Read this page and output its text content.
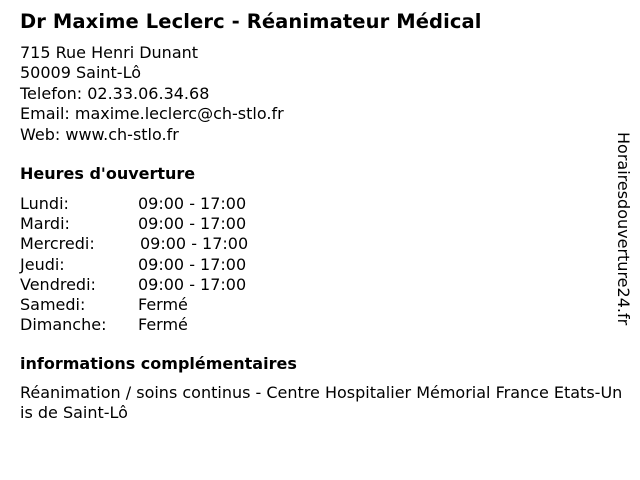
Dr Maxime Leclerc - Réanimateur Médical
715 Rue Henri Dunant
50009 Saint-Lô
Telefon: 02.33.06.34.68
Email: maxime.leclerc@ch-stlo.fr
Web: www.ch-stlo.fr
Heures d'ouverture
Lundi:	09:00 - 17:00
Mardi:	09:00 - 17:00
Mercredi:	09:00 - 17:00
Jeudi:	09:00 - 17:00
Vendredi:	09:00 - 17:00
Samedi:	Fermé
Dimanche: Fermé
informations complémentaires
Réanimation / soins continus - Centre Hospitalier Mémorial France Etats-Unis de Saint-Lô
Horairesdouverture24.fr
